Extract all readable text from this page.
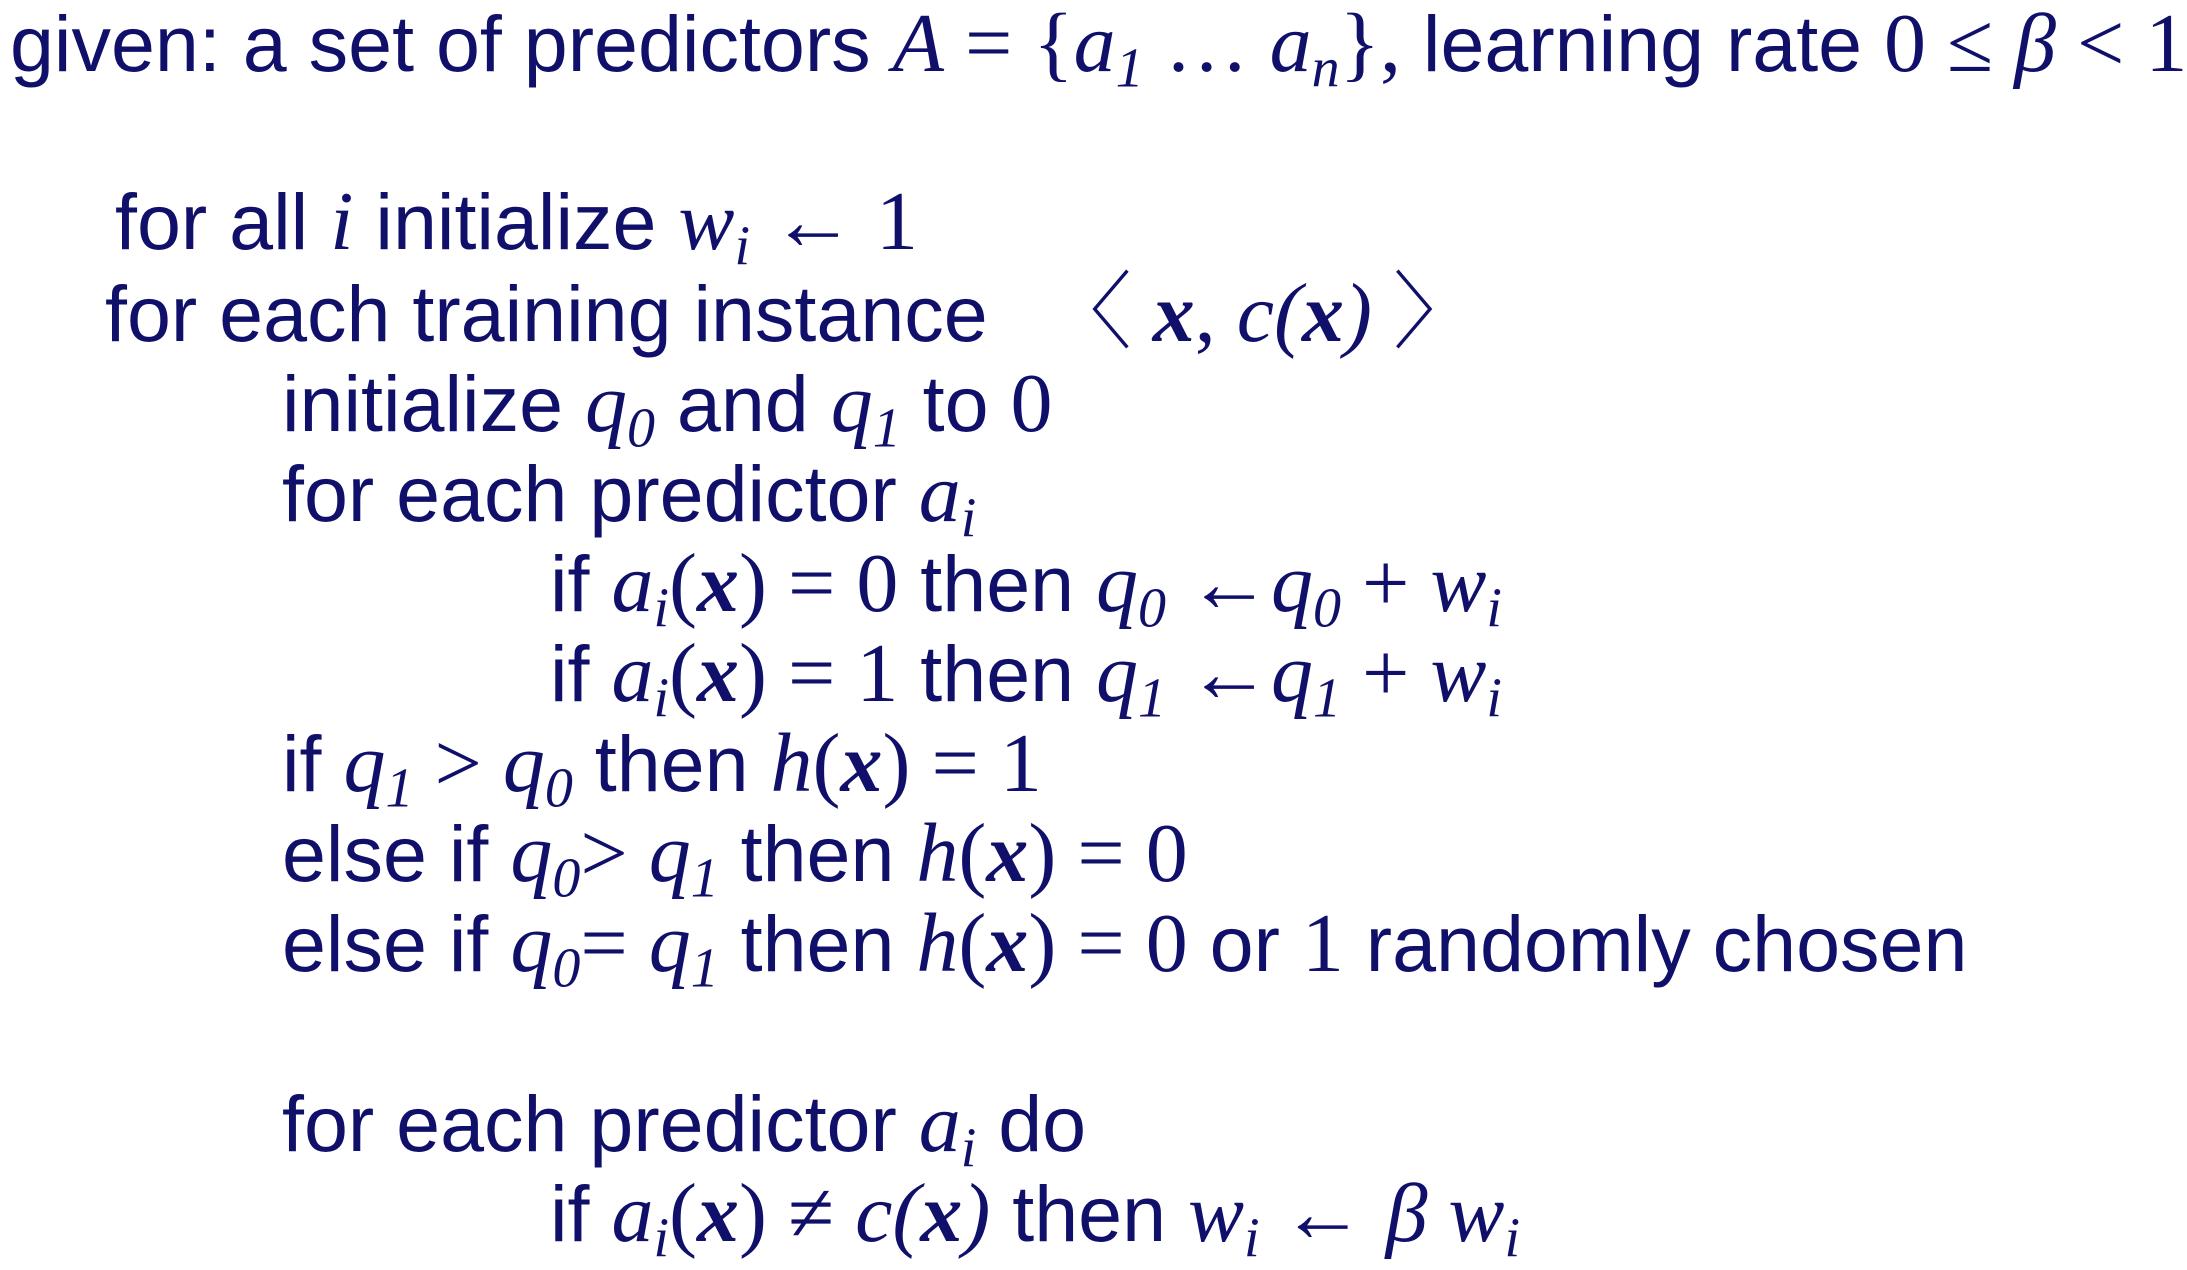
given: a set of predictors $A = \{a_1$ … $a_n$}, learning rate 0 ≤ β < 1
for all i initialize $w_i$ ← 1
for each training instance 〈 x, c(x) 〉
initialize $q_0$ and $q_1$ to 0
for each predictor $a_i$
if $a_i(x) = 0$ then $q_0$ $\leftarrow q_0 + w_i$
if $a_i(x) = 1$ then $q_1$ $\leftarrow q_1 + w_i$
if $q_1 > q_0$ then h(x) = 1
else if $q_0> q_1$ then h(x) = 0
else if $q_0= q_1$ then h(x) = 0 or 1 randomly chosen
for each predictor $a_i$ do
if $a_i(x) \ne c(x)$ then $w_i$ ← β $w_i$
